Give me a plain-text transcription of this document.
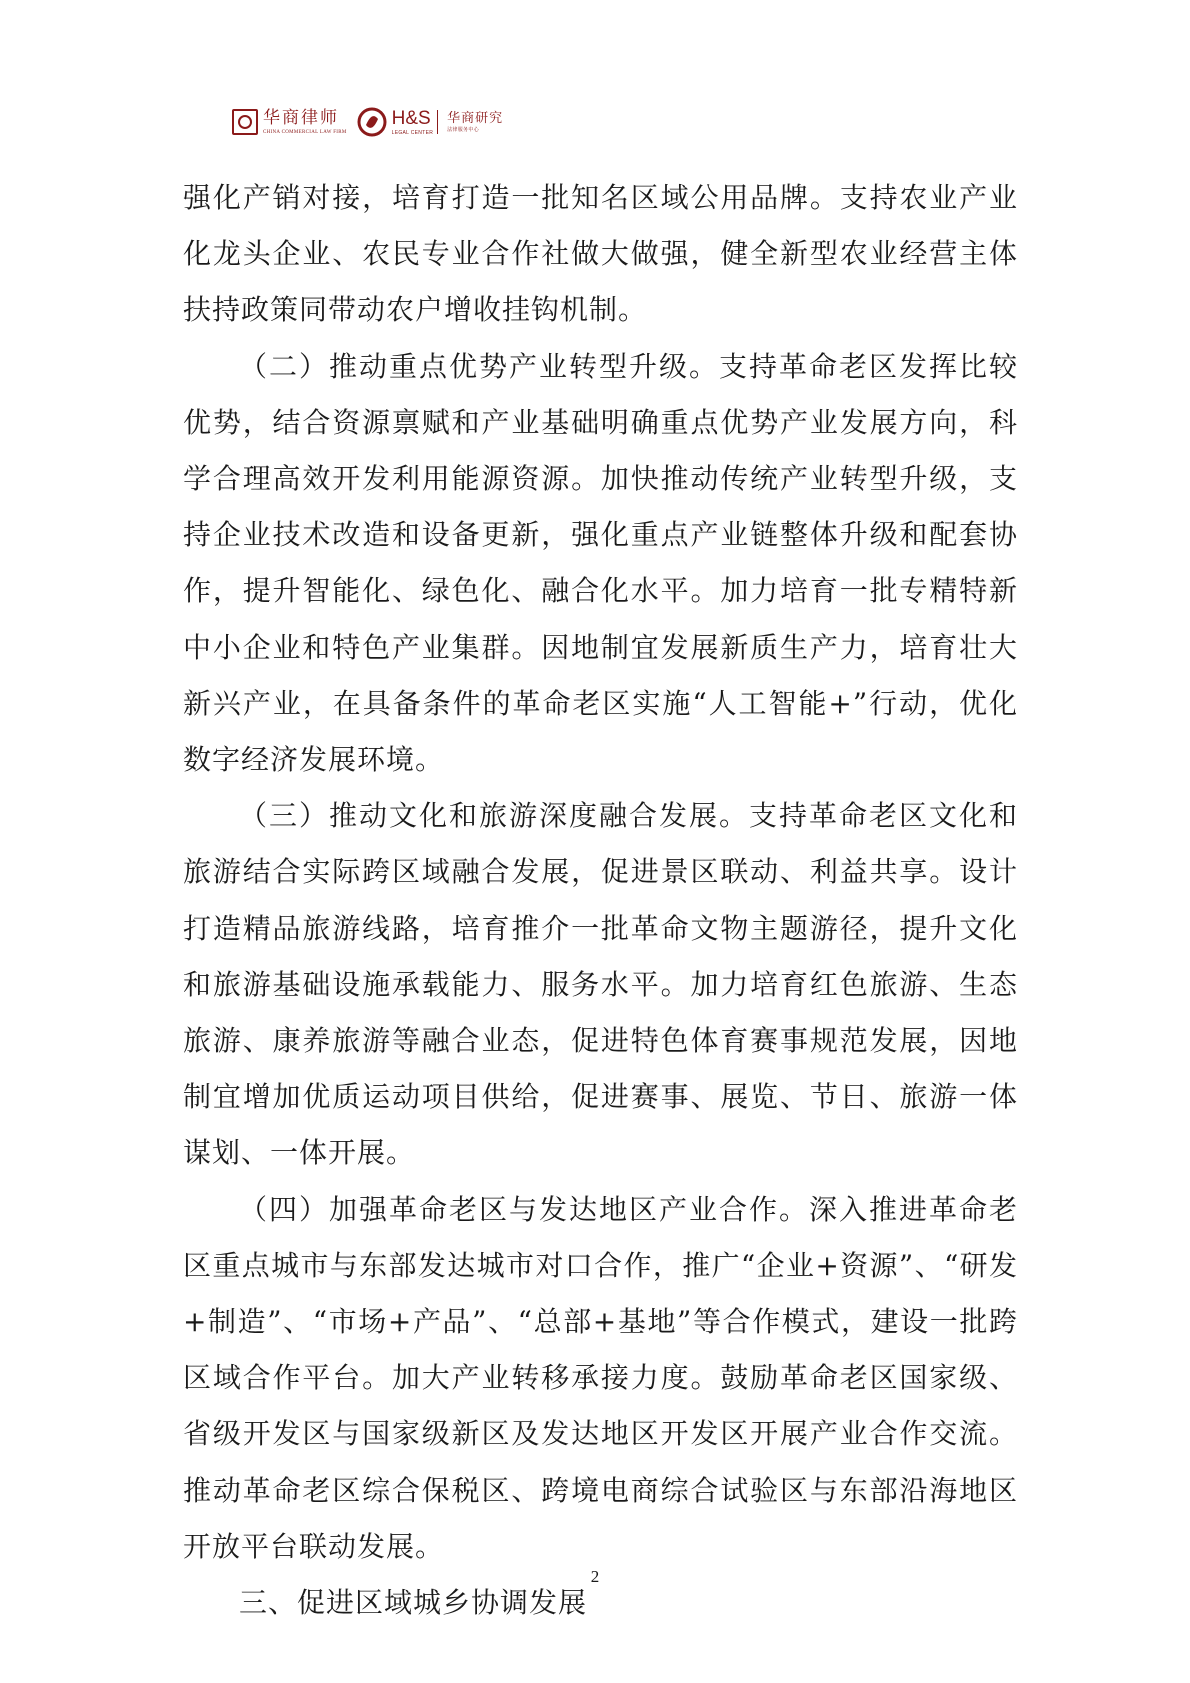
华商律师
CHINA COMMERCIAL LAW FIRM
H&S
LEGAL CENTER
华商研究
法律服务中心

强化产销对接，培育打造一批知名区域公用品牌。支持农业产业化龙头企业、农民专业合作社做大做强，健全新型农业经营主体扶持政策同带动农户增收挂钩机制。

（二）推动重点优势产业转型升级。支持革命老区发挥比较优势，结合资源禀赋和产业基础明确重点优势产业发展方向，科学合理高效开发利用能源资源。加快推动传统产业转型升级，支持企业技术改造和设备更新，强化重点产业链整体升级和配套协作，提升智能化、绿色化、融合化水平。加力培育一批专精特新中小企业和特色产业集群。因地制宜发展新质生产力，培育壮大新兴产业，在具备条件的革命老区实施“人工智能+”行动，优化数字经济发展环境。

（三）推动文化和旅游深度融合发展。支持革命老区文化和旅游结合实际跨区域融合发展，促进景区联动、利益共享。设计打造精品旅游线路，培育推介一批革命文物主题游径，提升文化和旅游基础设施承载能力、服务水平。加力培育红色旅游、生态旅游、康养旅游等融合业态，促进特色体育赛事规范发展，因地制宜增加优质运动项目供给，促进赛事、展览、节日、旅游一体谋划、一体开展。

（四）加强革命老区与发达地区产业合作。深入推进革命老区重点城市与东部发达城市对口合作，推广“企业+资源”、“研发+制造”、“市场+产品”、“总部+基地”等合作模式，建设一批跨区域合作平台。加大产业转移承接力度。鼓励革命老区国家级、省级开发区与国家级新区及发达地区开发区开展产业合作交流。推动革命老区综合保税区、跨境电商综合试验区与东部沿海地区开放平台联动发展。

三、促进区域城乡协调发展

2
